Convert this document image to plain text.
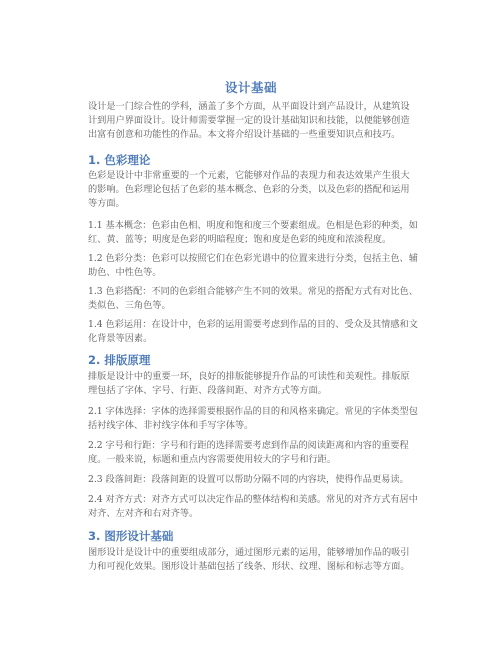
设计基础

设计是一门综合性的学科，涵盖了多个方面，从平面设计到产品设计，从建筑设计到用户界面设计。设计师需要掌握一定的设计基础知识和技能，以便能够创造出富有创意和功能性的作品。本文将介绍设计基础的一些重要知识点和技巧。

1. 色彩理论

色彩是设计中非常重要的一个元素，它能够对作品的表现力和表达效果产生很大的影响。色彩理论包括了色彩的基本概念、色彩的分类，以及色彩的搭配和运用等方面。

1.1 基本概念：色彩由色相、明度和饱和度三个要素组成。色相是色彩的种类，如红、黄、蓝等；明度是色彩的明暗程度；饱和度是色彩的纯度和浓淡程度。

1.2 色彩分类：色彩可以按照它们在色彩光谱中的位置来进行分类，包括主色、辅助色、中性色等。

1.3 色彩搭配：不同的色彩组合能够产生不同的效果。常见的搭配方式有对比色、类似色、三角色等。

1.4 色彩运用：在设计中，色彩的运用需要考虑到作品的目的、受众及其情感和文化背景等因素。

2. 排版原理

排版是设计中的重要一环，良好的排版能够提升作品的可读性和美观性。排版原理包括了字体、字号、行距、段落间距、对齐方式等方面。

2.1 字体选择：字体的选择需要根据作品的目的和风格来确定。常见的字体类型包括衬线字体、非衬线字体和手写字体等。

2.2 字号和行距：字号和行距的选择需要考虑到作品的阅读距离和内容的重要程度。一般来说，标题和重点内容需要使用较大的字号和行距。

2.3 段落间距：段落间距的设置可以帮助分隔不同的内容块，使得作品更易读。

2.4 对齐方式：对齐方式可以决定作品的整体结构和美感。常见的对齐方式有居中对齐、左对齐和右对齐等。

3. 图形设计基础

图形设计是设计中的重要组成部分，通过图形元素的运用，能够增加作品的吸引力和可视化效果。图形设计基础包括了线条、形状、纹理、图标和标志等方面。
